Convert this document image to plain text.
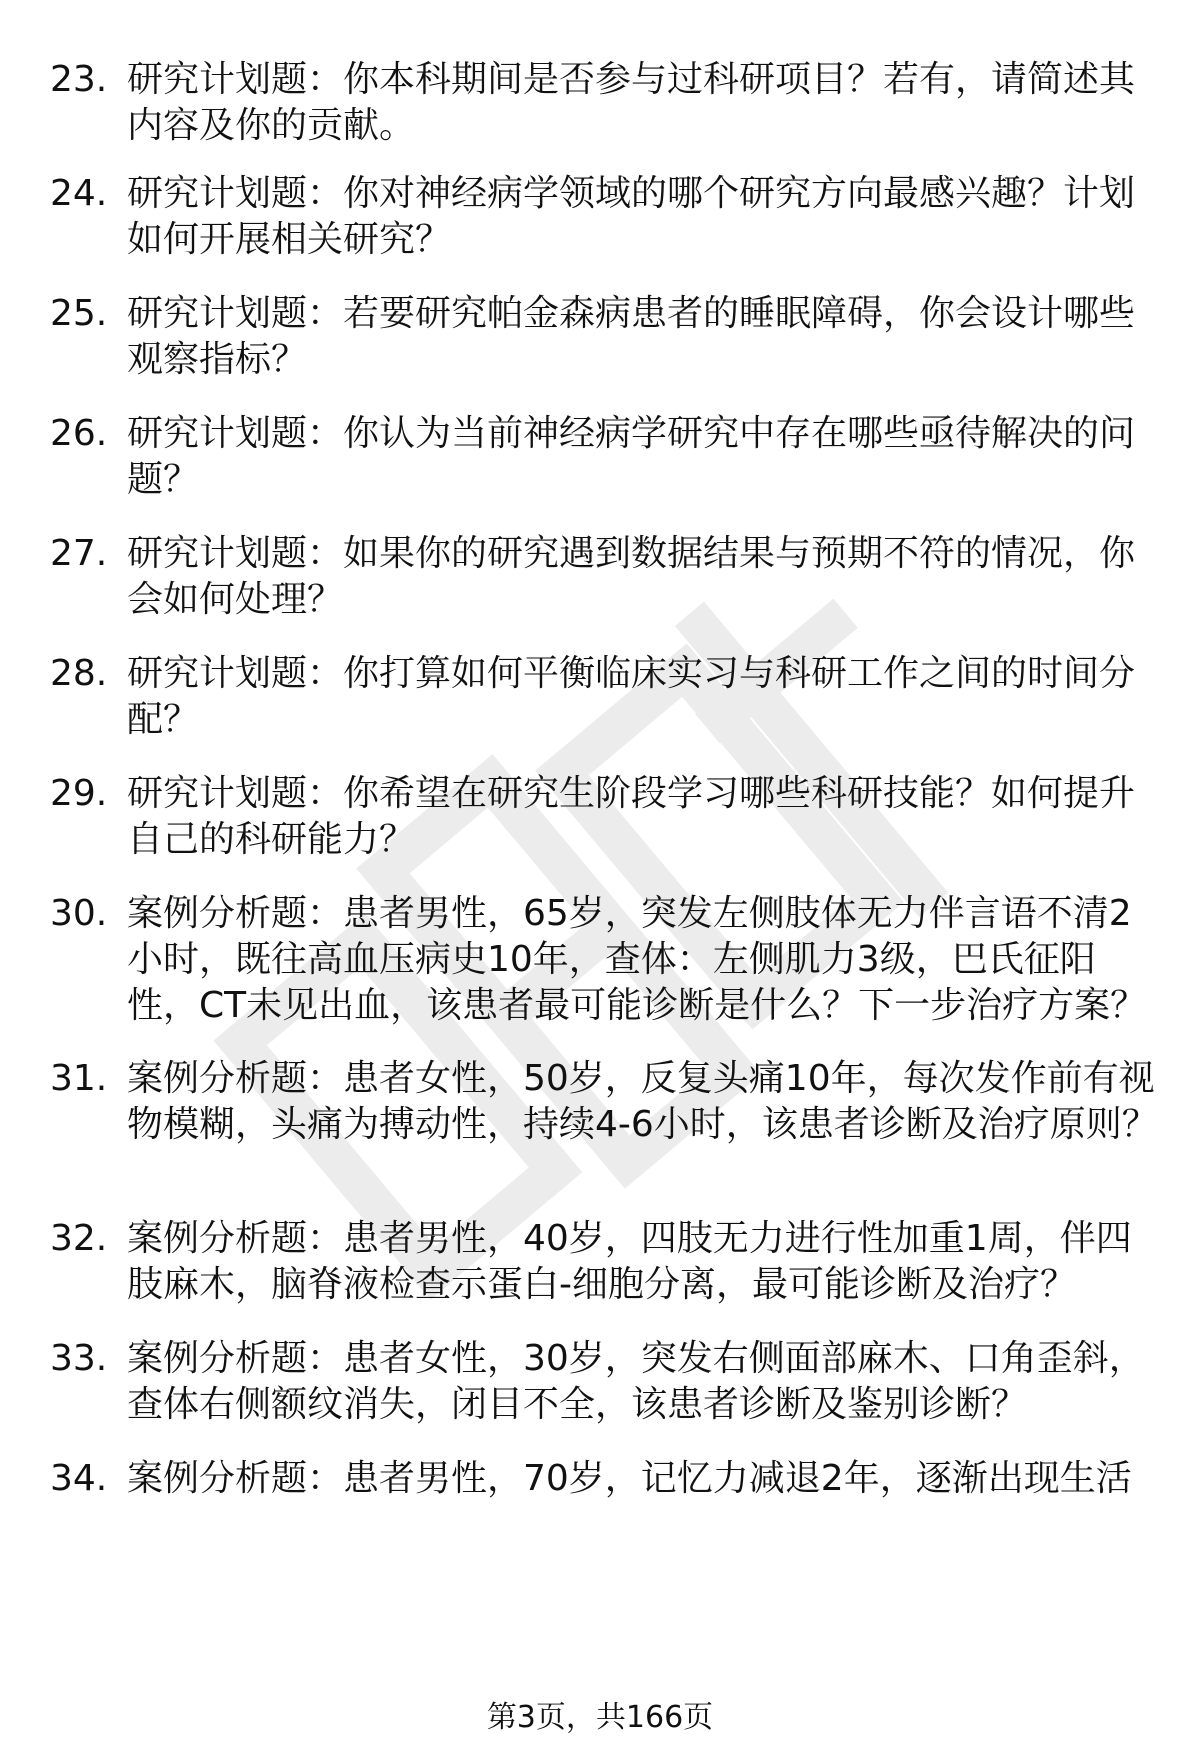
23. 研究计划题：你本科期间是否参与过科研项目？若有，请简述其内容及你的贡献。

24. 研究计划题：你对神经病学领域的哪个研究方向最感兴趣？计划如何开展相关研究？

25. 研究计划题：若要研究帕金森病患者的睡眠障碍，你会设计哪些观察指标？

26. 研究计划题：你认为当前神经病学研究中存在哪些亟待解决的问题？

27. 研究计划题：如果你的研究遇到数据结果与预期不符的情况，你会如何处理？

28. 研究计划题：你打算如何平衡临床实习与科研工作之间的时间分配？

29. 研究计划题：你希望在研究生阶段学习哪些科研技能？如何提升自己的科研能力？

30. 案例分析题：患者男性，65岁，突发左侧肢体无力伴言语不清2小时，既往高血压病史10年，查体：左侧肌力3级，巴氏征阳性，CT未见出血，该患者最可能诊断是什么？下一步治疗方案？

31. 案例分析题：患者女性，50岁，反复头痛10年，每次发作前有视物模糊，头痛为搏动性，持续4-6小时，该患者诊断及治疗原则？

32. 案例分析题：患者男性，40岁，四肢无力进行性加重1周，伴四肢麻木，脑脊液检查示蛋白-细胞分离，最可能诊断及治疗？

33. 案例分析题：患者女性，30岁，突发右侧面部麻木、口角歪斜，查体右侧额纹消失，闭目不全，该患者诊断及鉴别诊断？

34. 案例分析题：患者男性，70岁，记忆力减退2年，逐渐出现生活

第3页，共166页
